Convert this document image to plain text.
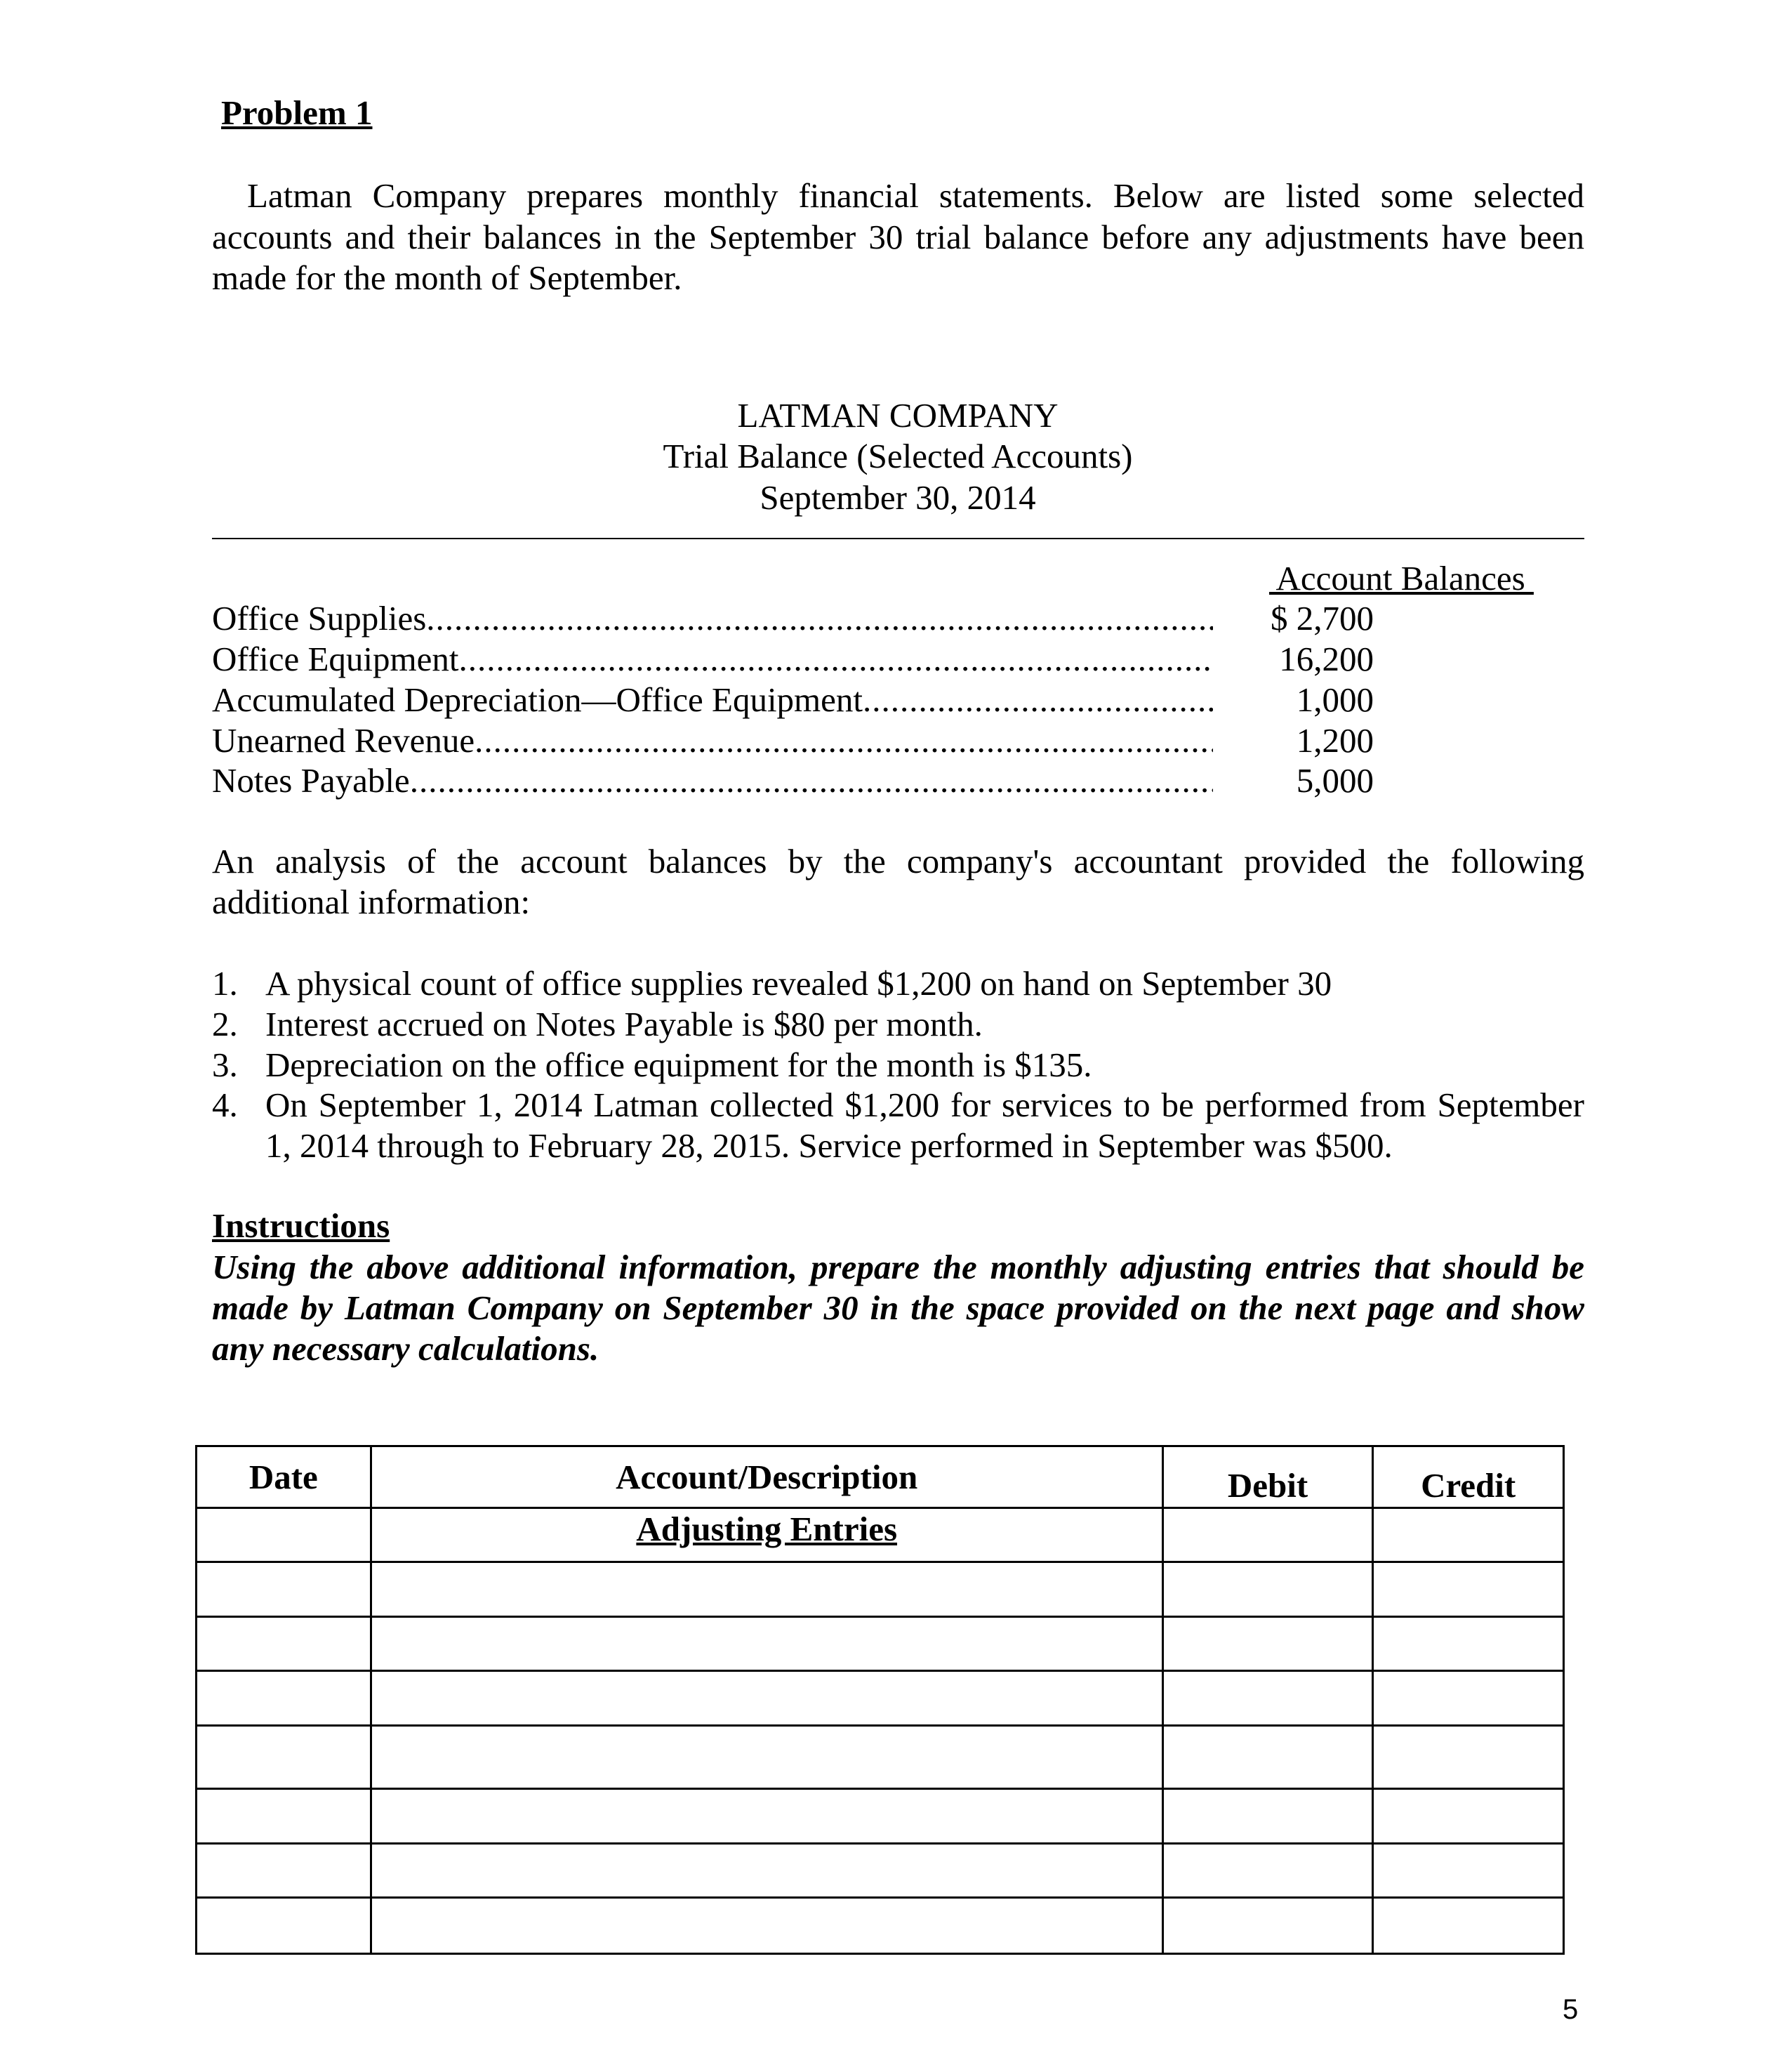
Problem 1
Latman Company prepares monthly financial statements. Below are listed some selected
accounts and their balances in the September 30 trial balance before any adjustments have been
made for the month of September.
LATMAN COMPANY
Trial Balance (Selected Accounts)
September 30, 2014
Account Balances
Office Supplies .....	$ 2,700
Office Equipment .....	16,200
Accumulated Depreciation—Office Equipment .....	1,000
Unearned Revenue .....	1,200
Notes Payable .....	5,000
An analysis of the account balances by the company's accountant provided the following
additional information:
1. A physical count of office supplies revealed $1,200 on hand on September 30
2. Interest accrued on Notes Payable is $80 per month.
3. Depreciation on the office equipment for the month is $135.
4. On September 1, 2014 Latman collected $1,200 for services to be performed from September
1, 2014 through to February 28, 2015. Service performed in September was $500.
Instructions
Using the above additional information, prepare the monthly adjusting entries that should be
made by Latman Company on September 30 in the space provided on the next page and show
any necessary calculations.
Date	Account/Description	Debit	Credit
	Adjusting Entries		

5
